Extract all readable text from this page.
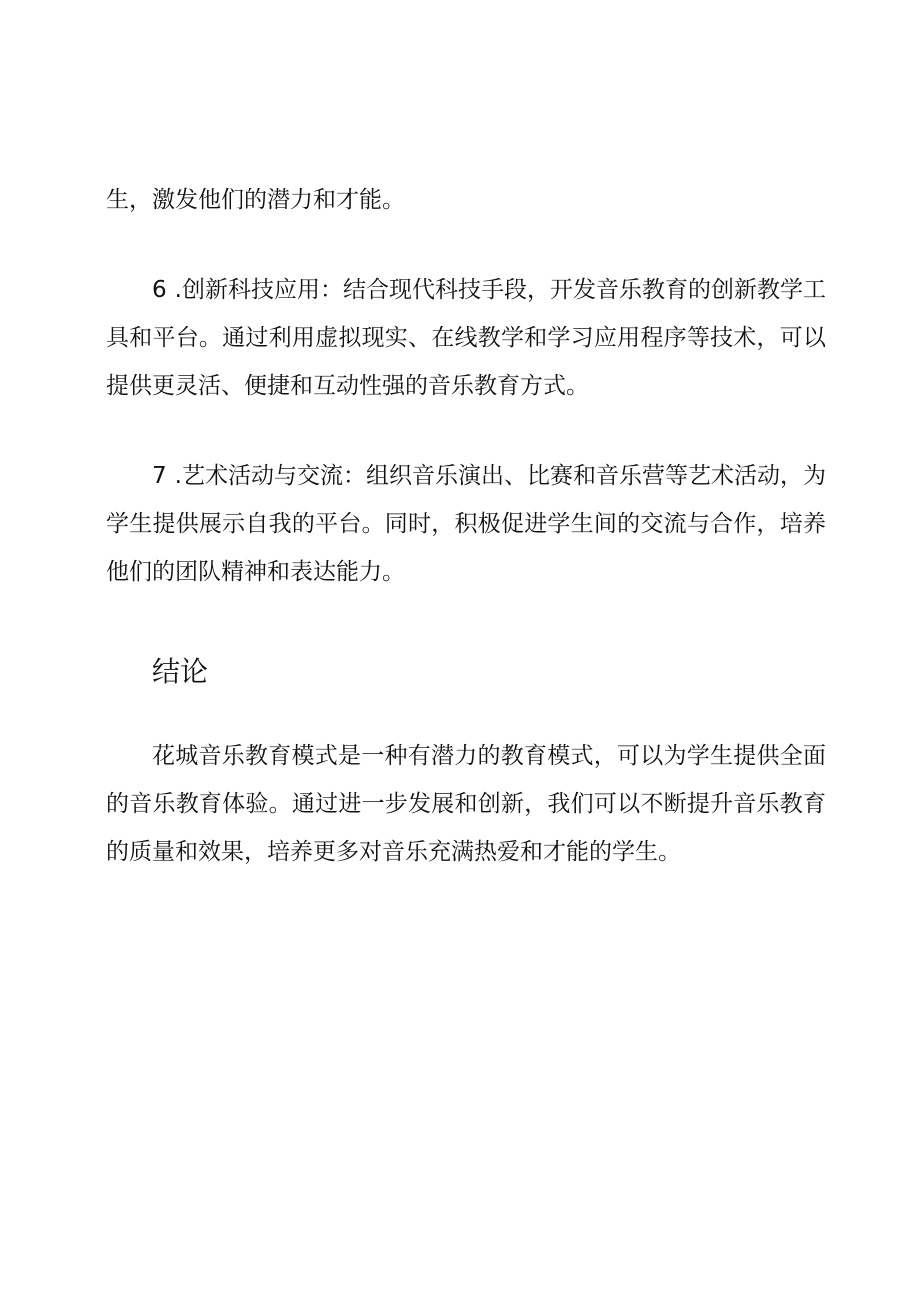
生，激发他们的潜力和才能。

6 .创新科技应用：结合现代科技手段，开发音乐教育的创新教学工具和平台。通过利用虚拟现实、在线教学和学习应用程序等技术，可以提供更灵活、便捷和互动性强的音乐教育方式。

7 .艺术活动与交流：组织音乐演出、比赛和音乐营等艺术活动，为学生提供展示自我的平台。同时，积极促进学生间的交流与合作，培养他们的团队精神和表达能力。

结论

花城音乐教育模式是一种有潜力的教育模式，可以为学生提供全面的音乐教育体验。通过进一步发展和创新，我们可以不断提升音乐教育的质量和效果，培养更多对音乐充满热爱和才能的学生。
